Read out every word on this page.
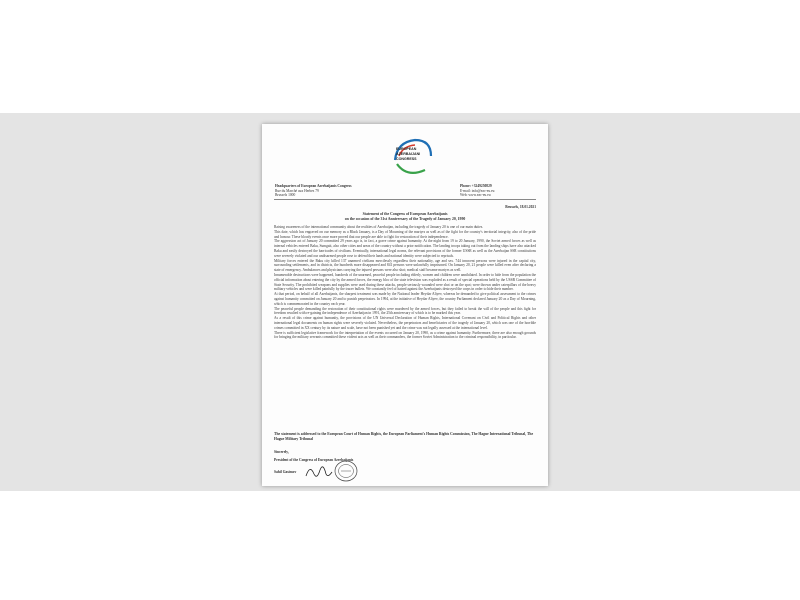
EUROPEAN
AZERBAIJANI
CONGRESS
Headquarters of European Azerbaijanis Congress
Rue du Marché aux Herbes 79
Brussels 1000
Phone: +3249250829
E-mail: info@eac-eu.eu
Web: www.eac-eu.eu
Brussels, 18.01.2021
Statement of the Congress of European Azerbaijanis
on the occasion of the 31st Anniversary of the Tragedy of January 20, 1990

Raising awareness of the international community about the realities of Azerbaijan, including the tragedy of January 20 is one of our main duties.

This date, which has engraved on our memory as a Black January, is a Day of Mourning of the martyrs as well as of the fight for the country's territorial integrity, also of the pride and honour. These bloody events once more proved that our people are able to fight for restoration of their independence.

The aggression act of January 20 committed 29 years ago is, in fact, a grave crime against humanity. At the night from 19 to 20 January, 1990, the Soviet armed forces as well as internal vehicles entered Baku, Sumgait, also other cities and areas of the country without a prior notification. The landing troops taking out from the landing ships have also attacked Baku and easily destroyed the barricades of civilians. Eventually, international legal norms, the relevant provisions of the former USSR as well as the Azerbaijan SSR constitutions were severely violated and our undisarmed people rose to defend their lands and national identity were subjected to reprisals.

Military forces entered the Baku city killed 137 unarmed civilians mercilessly regardless their nationality, age and sex. 744 innocent persons were injured in the capital city, surrounding settlements, and in districts, the hundreds more disappeared and 841 persons were unlawfully imprisoned. On January 20, 21 people were killed even after declaring a state of emergency. Ambulances and physicians carrying the injured persons were also shot; medical staff became martyrs as well.

Innumerable destructions were happened, hundreds of the unarmed, peaceful people including elderly, women and children were annihilated. In order to hide from the population the official information about entering the city by the armed forces, the energy bloc of the state television was exploded as a result of special operations held by the USSR Committee of State Security. The prohibited weapons and supplies were used during these attacks, people seriously wounded were shot or on the spot; were thrown under caterpillars of the heavy military vehicles and were killed painfully by the tracer bullets. We constantly feel of hatred against the Azerbaijanis destroyed the corps in order to hide their number.

At that period, on behalf of all Azerbaijanis, the sharpest treatment was made by the National leader Heydar Aliyev, whereas he demanded to give political assessment to the crimes against humanity committed on January 20 and to punish perpetrators. In 1994, at the initiative of Heydar Aliyev, the country Parliament declared January 20 as a Day of Mourning, which is commemorated in the country each year.

The peaceful people demanding the restoration of their constitutional rights were murdered by the armed forces, but they failed to break the will of the people and this fight for freedom resulted with re-gaining the independence of Azerbaijan in 1991, the 25th anniversary of which is to be marked this year.

As a result of this crime against humanity, the provisions of the UN Universal Declaration of Human Rights, International Covenant on Civil and Political Rights and other international legal documents on human rights were severely violated. Nevertheless, the perpetrators and beneficiaries of the tragedy of January 20, which was one of the horrible crimes committed in XX century by its nature and scale, have not been punished yet and the crime was not legally assessed at the international level.

There is sufficient legislative framework for the interpretation of the events occurred on January 20, 1990, as a crime against humanity. Furthermore, there are also enough grounds for bringing the military servants committed these violent acts as well as their commanders, the former Soviet Administration to the criminal responsibility, in particular.

The statement is addressed to the European Court of Human Rights, the European Parliament's Human Rights Commission, The Hague International Tribunal, The Hague Military Tribunal
Sincerely,
President of the Congress of European Azerbaijanis
Sahil Gasimov
